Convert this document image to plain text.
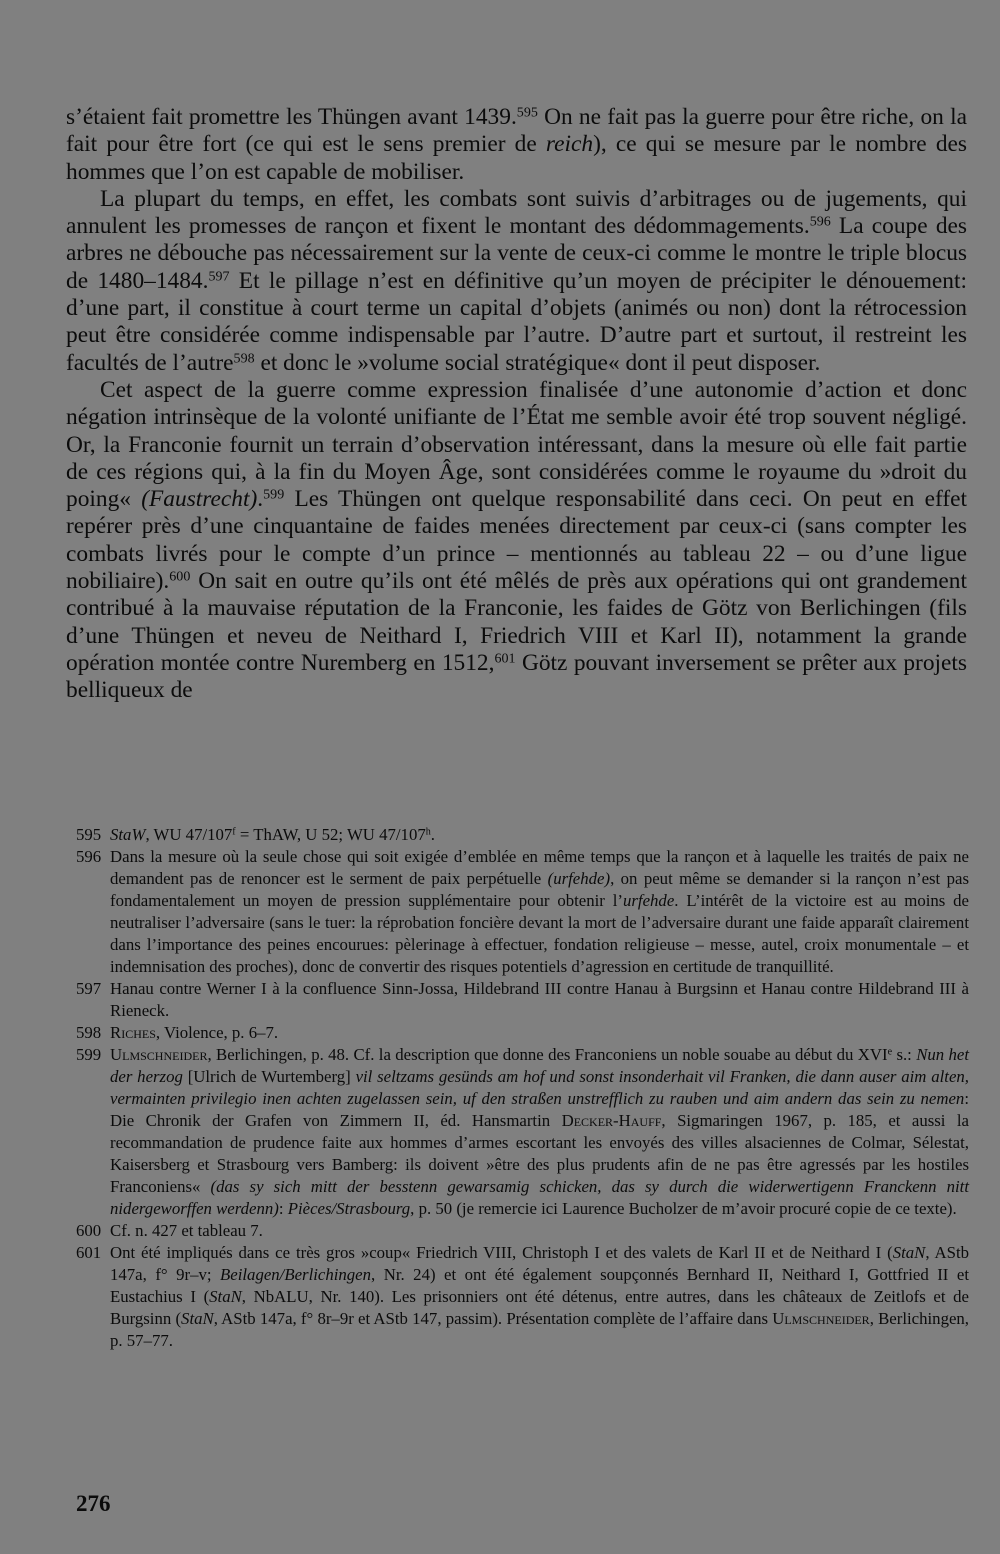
s’étaient fait promettre les Thüngen avant 1439.$^{595}$ On ne fait pas la guerre pour être riche, on la fait pour être fort (ce qui est le sens premier de reich), ce qui se mesure par le nombre des hommes que l’on est capable de mobiliser.

La plupart du temps, en effet, les combats sont suivis d’arbitrages ou de jugements, qui annulent les promesses de rançon et fixent le montant des dédommagements.$^{596}$ La coupe des arbres ne débouche pas nécessairement sur la vente de ceux-ci comme le montre le triple blocus de 1480–1484.$^{597}$ Et le pillage n’est en définitive qu’un moyen de précipiter le dénouement: d’une part, il constitue à court terme un capital d’objets (animés ou non) dont la rétrocession peut être considérée comme indispensable par l’autre. D’autre part et surtout, il restreint les facultés de l’autre$^{598}$ et donc le »volume social stratégique« dont il peut disposer.

Cet aspect de la guerre comme expression finalisée d’une autonomie d’action et donc négation intrinsèque de la volonté unifiante de l’État me semble avoir été trop souvent négligé. Or, la Franconie fournit un terrain d’observation intéressant, dans la mesure où elle fait partie de ces régions qui, à la fin du Moyen Âge, sont considérées comme le royaume du »droit du poing« (Faustrecht).$^{599}$ Les Thüngen ont quelque responsabilité dans ceci. On peut en effet repérer près d’une cinquantaine de faides menées directement par ceux-ci (sans compter les combats livrés pour le compte d’un prince – mentionnés au tableau 22 – ou d’une ligue nobiliaire).$^{600}$ On sait en outre qu’ils ont été mêlés de près aux opérations qui ont grandement contribué à la mauvaise réputation de la Franconie, les faides de Götz von Berlichingen (fils d’une Thüngen et neveu de Neithard I, Friedrich VIII et Karl II), notamment la grande opération montée contre Nuremberg en 1512,$^{601}$ Götz pouvant inversement se prêter aux projets belliqueux de

595 StaW, WU $47/107^f$ = ThAW, U 52; WU 47/107$^h$.
596 Dans la mesure où la seule chose qui soit exigée d’emblée en même temps que la rançon et à laquelle les traités de paix ne demandent pas de renoncer est le serment de paix perpétuelle (urfehde), on peut même se demander si la rançon n’est pas fondamentalement un moyen de pression supplémentaire pour obtenir l’urfehde. L’intérêt de la victoire est au moins de neutraliser l’adversaire (sans le tuer: la réprobation foncière devant la mort de l’adversaire durant une faide apparaît clairement dans l’importance des peines encourues: pèlerinage à effectuer, fondation religieuse – messe, autel, croix monumentale – et indemnisation des proches), donc de convertir des risques potentiels d’agression en certitude de tranquillité.
597 Hanau contre Werner I à la confluence Sinn-Jossa, Hildebrand III contre Hanau à Burgsinn et Hanau contre Hildebrand III à Rieneck.
598 Riches, Violence, p. 6–7.
599 Ulmschneider, Berlichingen, p. 48. Cf. la description que donne des Franconiens un noble souabe au début du XVIe s.: Nun het der herzog [Ulrich de Wurtemberg] vil seltzams gesünds am hof und sonst insonderhait vil Franken, die dann auser aim alten, vermainten privilegio inen achten zugelassen sein, uf den straßen unstrefflich zu rauben und aim andern das sein zu nemen: Die Chronik der Grafen von Zimmern II, éd. Hansmartin Decker-Hauff, Sigmaringen 1967, p. 185, et aussi la recommandation de prudence faite aux hommes d’armes escortant les envoyés des villes alsaciennes de Colmar, Sélestat, Kaisersberg et Strasbourg vers Bamberg: ils doivent »être des plus prudents afin de ne pas être agressés par les hostiles Franconiens« (das sy sich mitt der besstenn gewarsamig schicken, das sy durch die widerwertigenn Franckenn nitt nidergeworffen werdenn): Pièces/Strasbourg, p. 50 (je remercie ici Laurence Bucholzer de m’avoir procuré copie de ce texte).
600 Cf. n. 427 et tableau 7.
601 Ont été impliqués dans ce très gros »coup« Friedrich VIII, Christoph I et des valets de Karl II et de Neithard I (StaN, AStb 147a, f° 9r–v; Beilagen/Berlichingen, Nr. 24) et ont été également soupçonnés Bernhard II, Neithard I, Gottfried II et Eustachius I (StaN, NbALU, Nr. 140). Les prisonniers ont été détenus, entre autres, dans les châteaux de Zeitlofs et de Burgsinn (StaN, AStb 147a, f° 8r–9r et AStb 147, passim). Présentation complète de l’affaire dans Ulmschneider, Berlichingen, p. 57–77.
276
